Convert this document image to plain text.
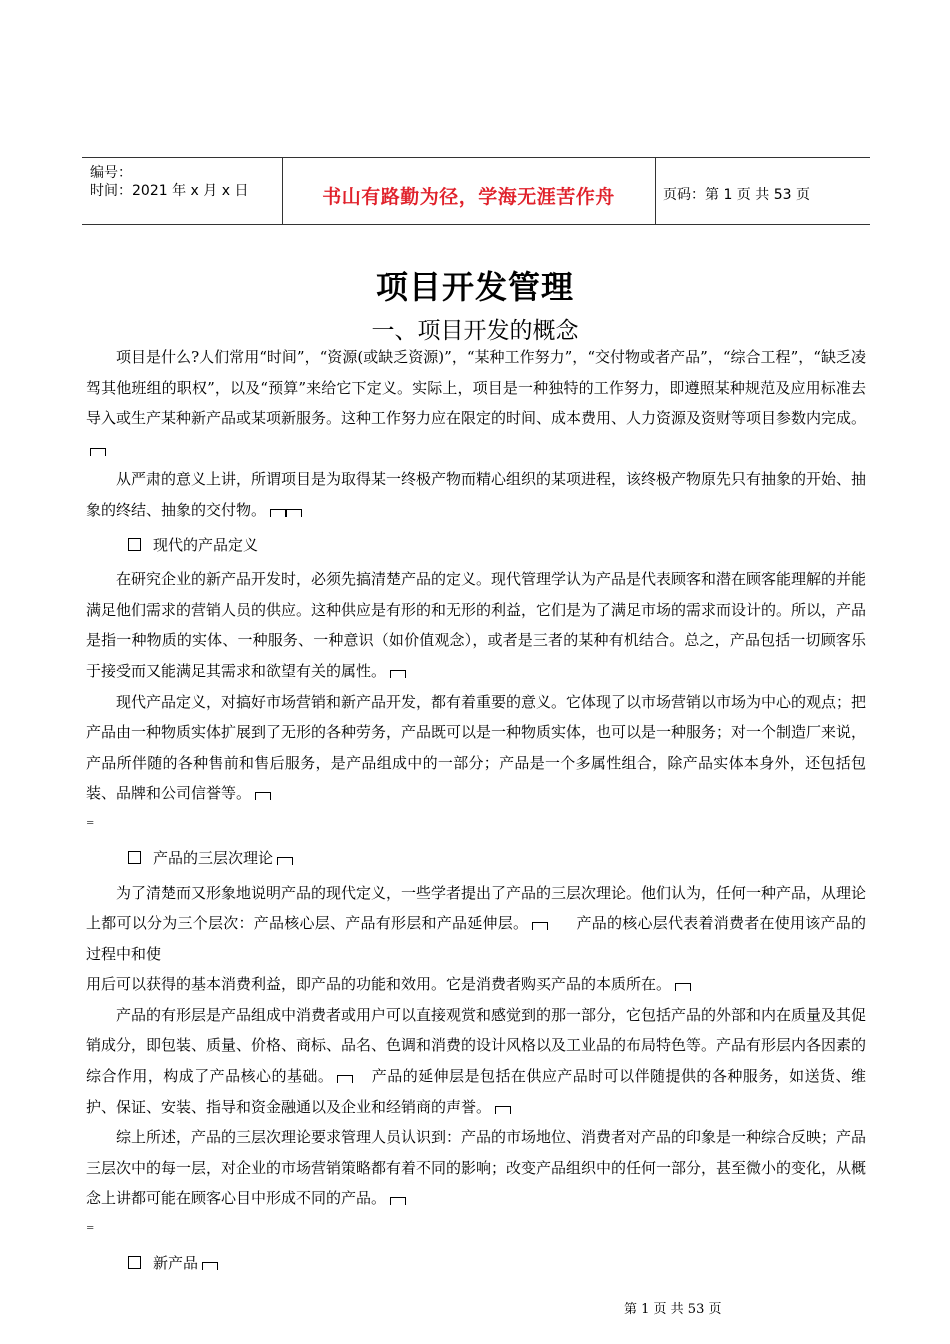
编号：
时间：2021 年 x 月 x 日	书山有路勤为径，学海无涯苦作舟	页码：第 1 页 共 53 页
项目开发管理
一、项目开发的概念

项目是什么?人们常用“时间”，“资源(或缺乏资源)”，“某种工作努力”，“交付物或者产品”，“综合工程”，“缺乏凌驾其他班组的职权”，以及“预算”来给它下定义。实际上，项目是一种独特的工作努力，即遵照某种规范及应用标准去导入或生产某种新产品或某项新服务。这种工作努力应在限定的时间、成本费用、人力资源及资财等项目参数内完成。

从严肃的意义上讲，所谓项目是为取得某一终极产物而精心组织的某项进程，该终极产物原先只有抽象的开始、抽象的终结、抽象的交付物。

现代的产品定义

在研究企业的新产品开发时，必须先搞清楚产品的定义。现代管理学认为产品是代表顾客和潜在顾客能理解的并能满足他们需求的营销人员的供应。这种供应是有形的和无形的利益，它们是为了满足市场的需求而设计的。所以，产品是指一种物质的实体、一种服务、一种意识（如价值观念），或者是三者的某种有机结合。总之，产品包括一切顾客乐于接受而又能满足其需求和欲望有关的属性。

现代产品定义，对搞好市场营销和新产品开发，都有着重要的意义。它体现了以市场营销以市场为中心的观点；把产品由一种物质实体扩展到了无形的各种劳务，产品既可以是一种物质实体，也可以是一种服务；对一个制造厂来说，产品所伴随的各种售前和售后服务，是产品组成中的一部分；产品是一个多属性组合，除产品实体本身外，还包括包装、品牌和公司信誉等。

=

产品的三层次理论

为了清楚而又形象地说明产品的现代定义，一些学者提出了产品的三层次理论。他们认为，任何一种产品，从理论上都可以分为三个层次：产品核心层、产品有形层和产品延伸层。	产品的核心层代表着消费者在使用该产品的过程中和使

用后可以获得的基本消费利益，即产品的功能和效用。它是消费者购买产品的本质所在。

产品的有形层是产品组成中消费者或用户可以直接观赏和感觉到的那一部分，它包括产品的外部和内在质量及其促销成分，即包装、质量、价格、商标、品名、色调和消费的设计风格以及工业品的布局特色等。产品有形层内各因素的综合作用，构成了产品核心的基础。	产品的延伸层是包括在供应产品时可以伴随提供的各种服务，如送货、维护、保证、安装、指导和资金融通以及企业和经销商的声誉。

综上所述，产品的三层次理论要求管理人员认识到：产品的市场地位、消费者对产品的印象是一种综合反映；产品三层次中的每一层，对企业的市场营销策略都有着不同的影响；改变产品组织中的任何一部分，甚至微小的变化，从概念上讲都可能在顾客心目中形成不同的产品。

=

新产品
第 1 页 共 53 页
